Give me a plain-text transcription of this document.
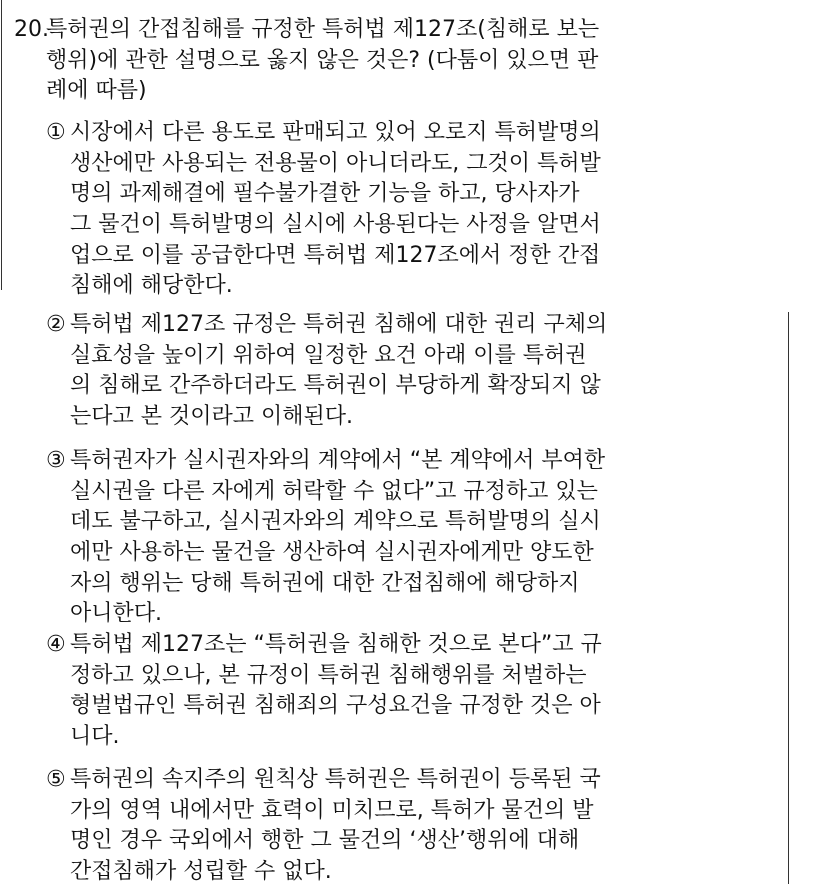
20.
특허권의 간접침해를 규정한 특허법 제127조(침해로 보는
행위)에 관한 설명으로 옳지 않은 것은? (다툼이 있으면 판
례에 따름)
① 시장에서 다른 용도로 판매되고 있어 오로지 특허발명의
생산에만 사용되는 전용물이 아니더라도, 그것이 특허발
명의 과제해결에 필수불가결한 기능을 하고, 당사자가
그 물건이 특허발명의 실시에 사용된다는 사정을 알면서
업으로 이를 공급한다면 특허법 제127조에서 정한 간접
침해에 해당한다.
② 특허법 제127조 규정은 특허권 침해에 대한 권리 구체의
실효성을 높이기 위하여 일정한 요건 아래 이를 특허권
의 침해로 간주하더라도 특허권이 부당하게 확장되지 않
는다고 본 것이라고 이해된다.
③ 특허권자가 실시권자와의 계약에서 “본 계약에서 부여한
실시권을 다른 자에게 허락할 수 없다”고 규정하고 있는
데도 불구하고, 실시권자와의 계약으로 특허발명의 실시
에만 사용하는 물건을 생산하여 실시권자에게만 양도한
자의 행위는 당해 특허권에 대한 간접침해에 해당하지
아니한다.
④ 특허법 제127조는 “특허권을 침해한 것으로 본다”고 규
정하고 있으나, 본 규정이 특허권 침해행위를 처벌하는
형벌법규인 특허권 침해죄의 구성요건을 규정한 것은 아
니다.
⑤ 특허권의 속지주의 원칙상 특허권은 특허권이 등록된 국
가의 영역 내에서만 효력이 미치므로, 특허가 물건의 발
명인 경우 국외에서 행한 그 물건의 ‘생산’행위에 대해
간접침해가 성립할 수 없다.
